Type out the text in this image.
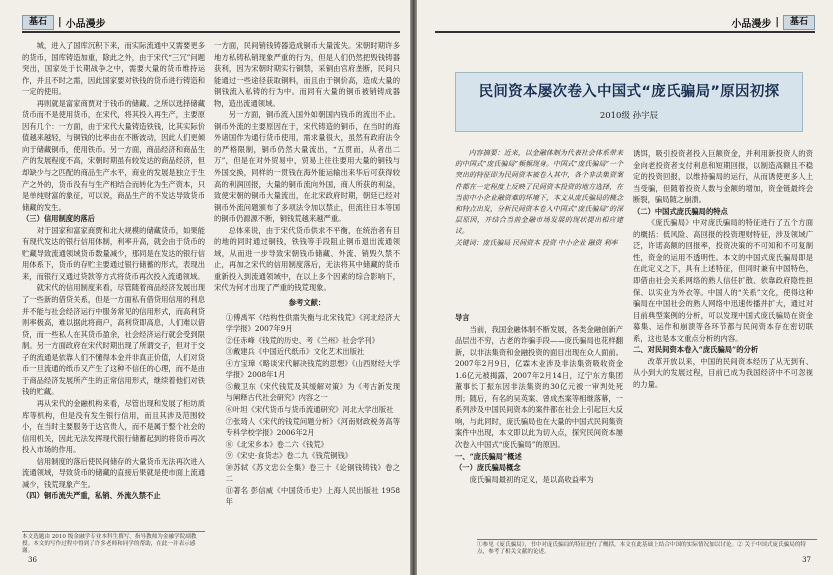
基石	| 小品漫步

城，进入了国库沉积下来，而实际流通中又需要更多的货币，国库铸造加重，除此之外，由于宋代“三冗”问题突出，国家处于长期战争之中，需要大量的货币维持运作，并且不时之需，因此国家要对铁钱的货币进行铸造和一定的使用。

再则就是富家商贾对于钱币的储藏。之所以选择储藏货币而不是使用货币，在宋代，将其投入再生产，主要原因有几个：一方面，由于宋代大量铸造铁钱，比其实际价值越来越轻，与铜钱的比率由在不断波动，因此人们更倾向于储藏铜币，使用铁币。另一方面，商品经济和商品生产的发展程度不高，宋朝时期虽有较发达的商品经济，但却缺少与之匹配的商品生产水平，商业的发展是独立于生产之外的，货币没有与生产相结合而转化为生产资本，只是单纯财富的象征，可以说，商品生产的不发达导致货币储藏的发生。

（三）信用制度的落后

对于国家和富家商贾和北大规模的储藏货币，如果能有现代发达的银行信用体制，利率升高，就会由于货币的贮藏导致流通领域货币数量减少，那同是在发达的银行信用体系下，货币的存贮主要通过银行储蓄的形式，表现出来，而银行又通过贷款等方式将货币再次投入流通领域。

就宋代的信用制度来看，尽管随着商品经济发展出现了一些新的借贷关系，但是一方面私有借贷用信用的利息并不能与社会经济运行中服务常见的信用形式，而高利贷则率极高，难以据此将商户，高利贷即高息，人们难以借贷，而一些私人在其货币盈余，社会经济运行就会受到限制。另一方面政府在宋代时期出现了所谓交子，但对于交子的流通是依靠人们不懂得本金并非真正价值，人们对货币一旦流通的纸币又产生了这种不信任的心理，而不是由于商品经济发展所产生的正常信用形式，继续着他们对铁钱的贮藏。

再从宋代的金融机构来看，尽管出现和发展了柜坊质库等机构，但是没有发生银行信用，而且其涉及范围较小，在当时主要服务于达官贵人，而不是属于整个社会的信用机关，因此无法发挥现代银行储蓄起到的将货币再次投入市场的作用。

信用制度的落后使民间储存的大量货币无法再次进入流通领域，导致货币的储藏的直接后果就是使市面上流通减少，钱荒现象产生。

（四）铜币流失严重，私销、外流久禁不止

一方面，民间销钱铸器造成铜币大量流失。宋朝时期许多地方私铸私销现象严重的行为，但是人们仍然把毁钱铸器获利，因为宋朝时期实行铜禁，采铜由官府垄断，民间只能通过一些途径获取铜料，而且由于铜价高，造成大量的铜钱流入私铸的行为中。而同有大量的铜币被销铸成器物，造出流通领域。

另一方面，铜币流入国外如朝国内钱币的流出不止。铜币外流的主要原因在于，宋代铸造的铜币，在当时的海外诸国作为通行货币使用，需求量很大，虽然有政府法令的严格限制，铜币仍然大量流出，“五贯而，从者出二万”，但是在对外贸易中，贸易上往往要用大量的铜钱与外国交换，同样的一贯钱在海外能运输出来华后可获得较高的利润回报，大量的铜币流向外国，商人所获的利益，致使宋朝的铜币大量流出，在北宋政府时期，朝廷已经对铜币外流问题颁布了多项法令加以禁止，但流往日本等国的铜币仍源源不断，铜钱荒越来越严重。

总体来说，由于宋代货币供求不平衡，在统治者有目的地的同时通过铜钱，铁钱等手段阻止铜币退出流通领域，从而进一步导致宋朝钱币储藏、外流、销毁久禁不止，再加之宋代的信用制度落后，无法将其中储藏的货币重新投入到流通领域中，在以上多个因素的综合影响下，宋代为何才出现了严重的钱荒现象。

参考文献：

①傅禹军《结构性供需失衡与北宋钱荒》《河北经济大学学报》2007年9月

②任赤峰《钱荒的历史、考《兰州》社会学刊》

③戴建兵《中国近代纸币》文化艺术出版社

④方宝璋《略谈宋代解决钱荒的思想》《山西财经大学学报》2008年1月

⑤戴卫东《宋代钱荒及其缓解对策》为《考古新发现与阐释古代社会研究》内容之一

⑥叶坦《宋代货币与货币流通研究》河北大学出版社

⑦张琦人《宋代的钱荒问题分析》《河南财政税务高等专科学校学报》2006年2月

⑧《北宋乡本》卷二六《钱荒》

⑨《宋史·食货志》卷二九《钱荒铜钱》

⑩苏轼《苏文忠公全集》卷三十《论铜钱铸钱》卷之二

⑪著名 彭信威《中国货币史》上海人民出版社 1958年

本文选题由 2010 级金融学专业本科生撰写，指导教师为金融学院副教授。本文的写作过程中得到了许多老师和同学的帮助，在此一并表示感谢。
36
小品漫步 |	基石
民间资本屡次卷入中国式“庞氏骗局”原因初探
2010级 孙宇辰

内容摘要：近来，以金融体制为代表社会体系带来的中国式“庞氏骗局”频频现身。中国式“庞氏骗局”一个突出的特征即为民间资本被卷入其中，各个非法集资案件都在一定程度上反映了民间资本投资的地方选择，在当前中小企业融资难的环境下，本文从庞氏骗局的概念和特点出发，分析民间资本卷入中国式“庞氏骗局”的深层原因，并结合当前金融市场发展的现状提出相应建议。

关键词：庞氏骗局 民间资本 投资 中小企业 融资 利率

导言

当前，我国金融体制不断发展，各类金融创新产品层出不穷，古老的诈骗手段——庞氏骗局也花样翻新，以非法集资和金融投资的面目出现在众人面前。2007年2月9日，亿霖木业涉及非法集资吸收资金1.6亿元被揭露，2007年2月14日，辽宁东方集团董事长丁振东因非法集资的30亿元被一审判处死刑；随后，有名的吴英案、曾成杰案等相继落幕，一系列涉及中国民间资本的案件都在社会上引起巨大反响，与此同时，庞氏骗局也在大量的中国式民间集资案件中出现，本文即以此为切入点，探究民间资本屡次卷入中国式“庞氏骗局”的原因。

一、“庞氏骗局”概述

（一）庞氏骗局概念

庞氏骗局最初的定义，是以高收益率为

诱饵，吸引投资者投入巨额资金，并利用新投资人的资金向老投资者支付利息和短期回报，以制造高额且不稳定的投资回报，以维持骗局的运行，从而诱使更多人上当受骗，但随着投资人数与金额的增加，资金链最终会断裂，骗局随之崩溃。

（二）中国式庞氏骗局的特点

《庞氏骗局》中对庞氏骗局的特征进行了五个方面的概括：低风险、高回报的投资理财特征，涉及领域广泛，许诺高额的回报率，投资决策的不可知和不可复制性，资金的运用不透明性。本文的中国式庞氏骗局即是在此定义之下，具有上述特征，但同时兼有中国特色，即借由社会关系网络的熟人信任扩散、依靠政府隐性担保、以实业为外衣等。中国人的“关系”文化，使得这种骗局在中国社会的熟人网络中迅速传播并扩大，通过对目前典型案例的分析，可以发现中国式庞氏骗局在资金募集、运作和崩溃等各环节都与民间资本存在密切联系，这也是本文重点分析的内容。

二、对民间资本卷入“庞氏骗局”的分析

改革开放以来，中国的民间资本经历了从无到有、从小到大的发展过程，目前已成为我国经济中不可忽视的力量。

①参见《庞氏骗局》，书中对庞氏骗局的特征进行了概括，本文在此基础上结合中国的实际情况加以讨论。② 关于中国式庞氏骗局的特点，参考了相关文献的论述。
37
